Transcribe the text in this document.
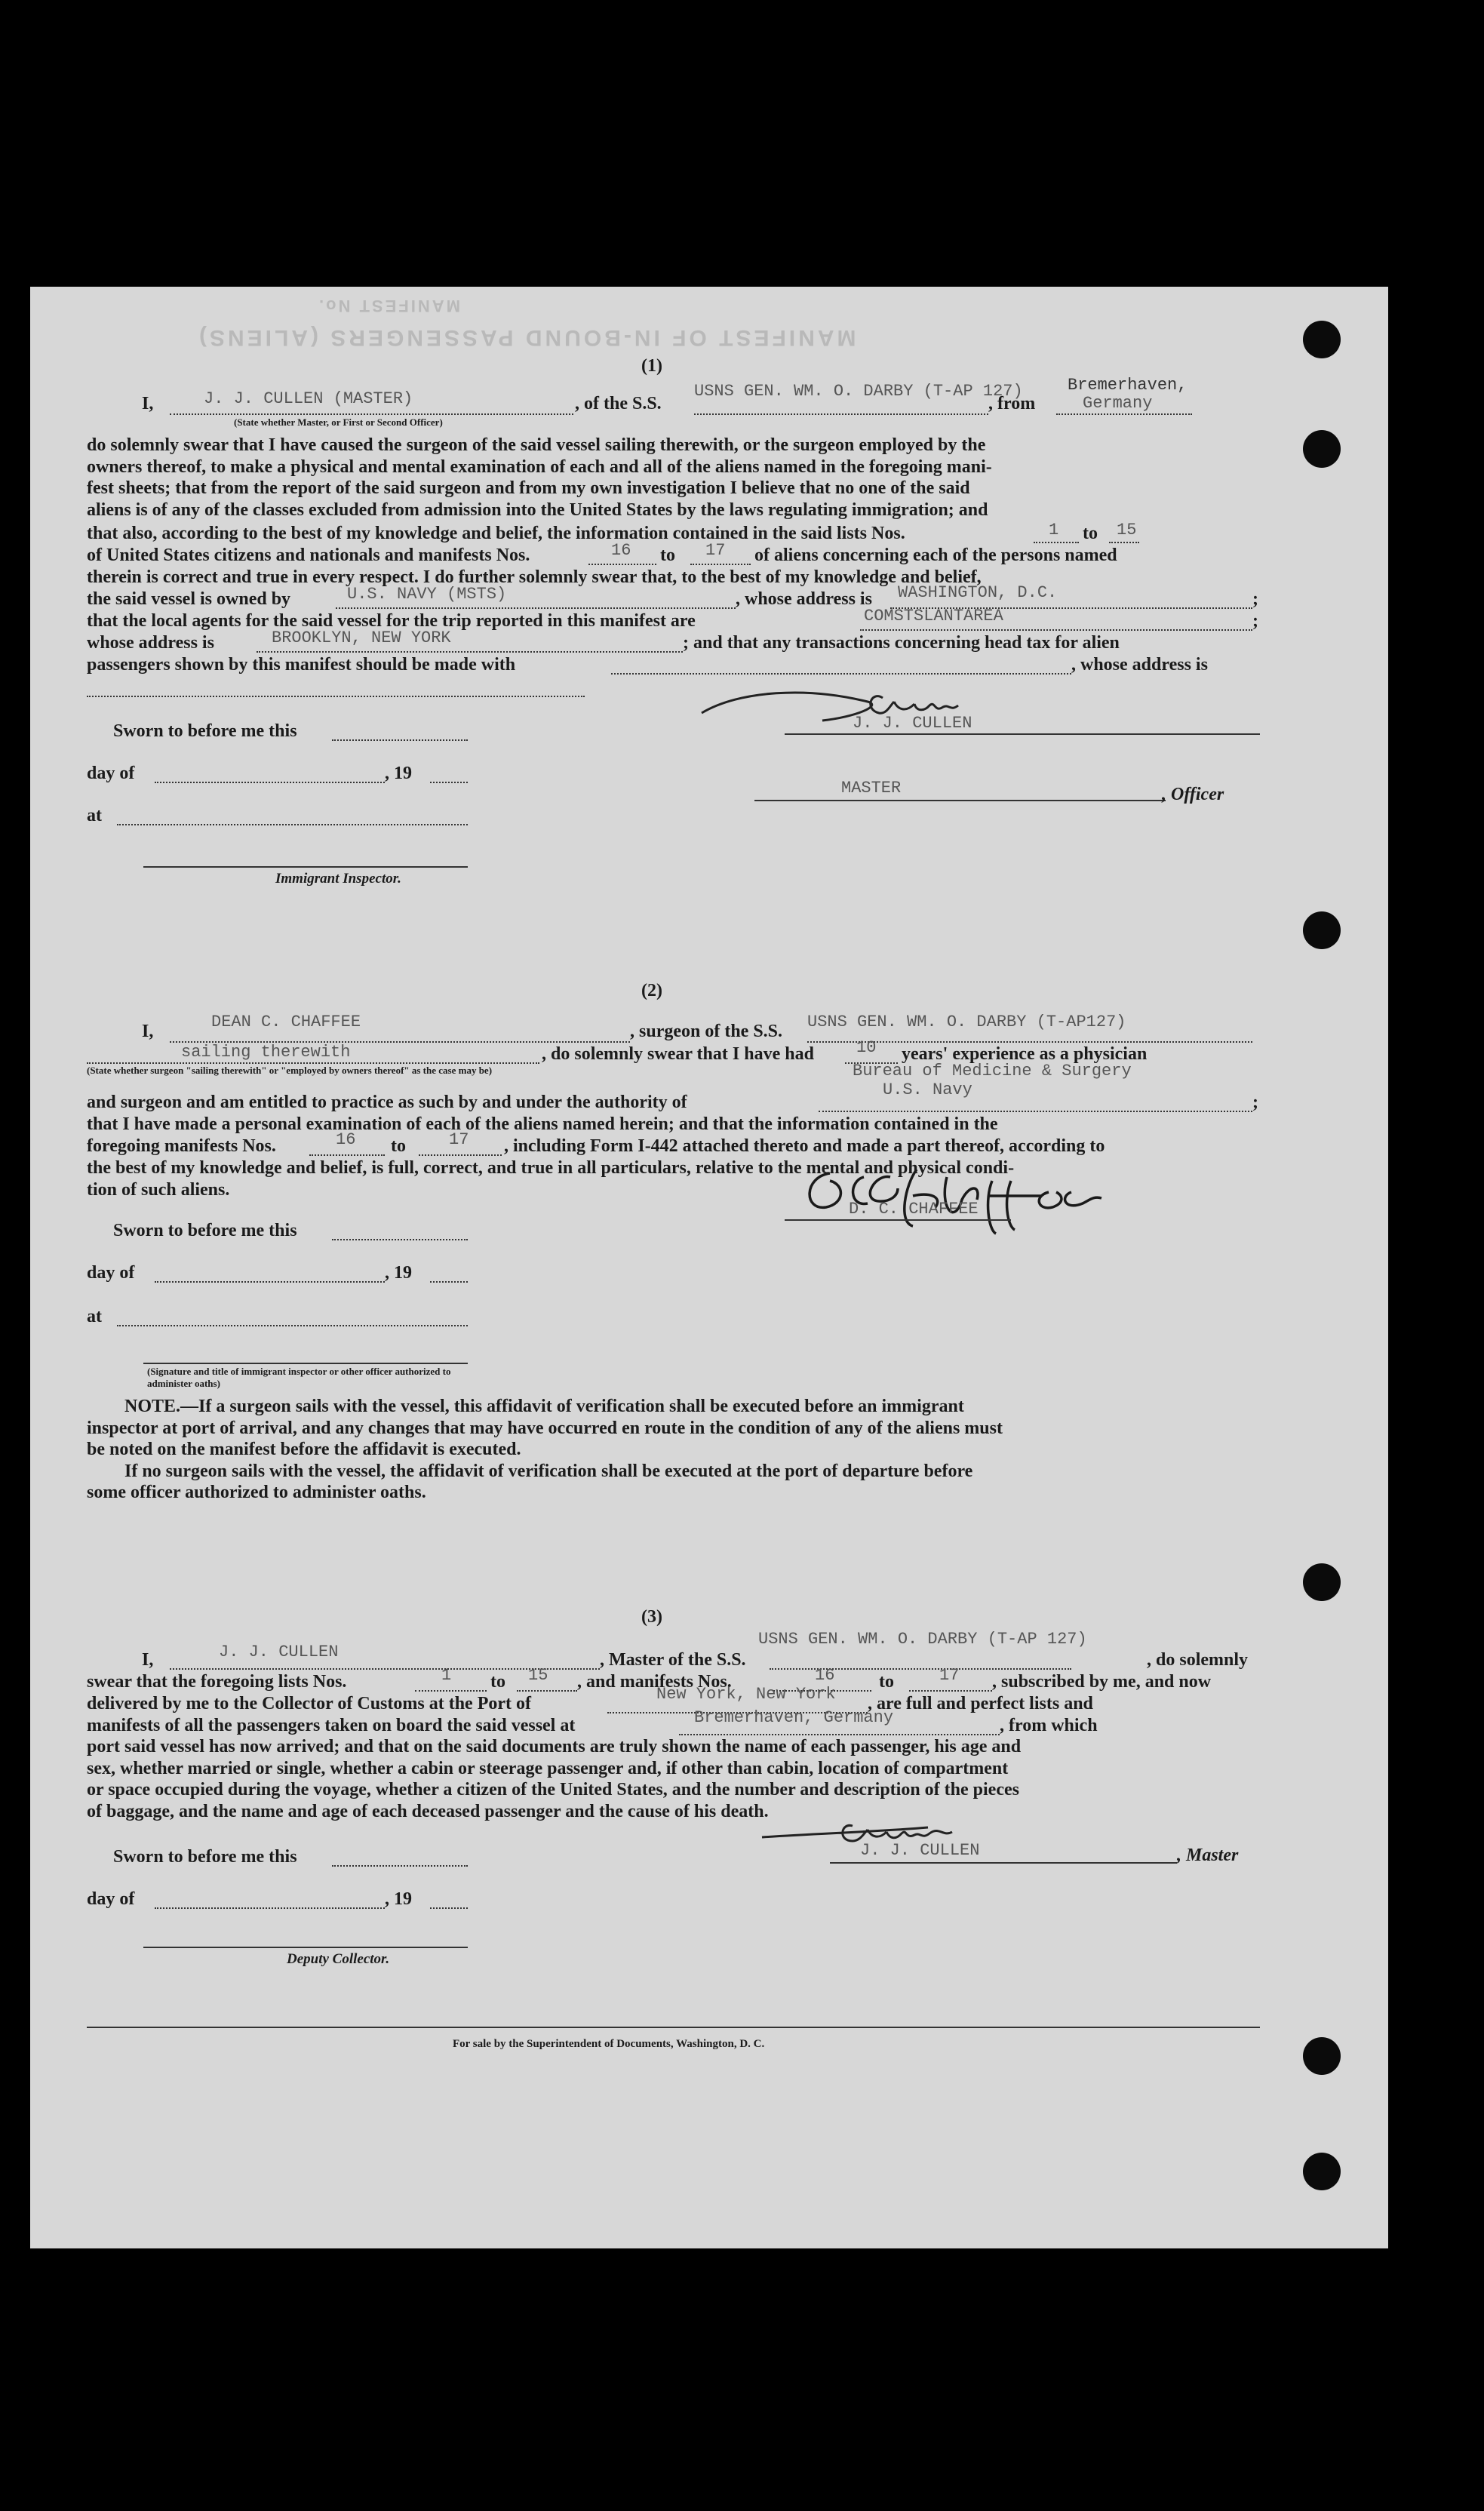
MANIFEST No.
MANIFEST OF IN-BOUND PASSENGERS (ALIENS)
(1)
I,	J. J. CULLEN (MASTER)
(State whether Master, or First or Second Officer)
, of the S.S.
USNS GEN. WM. O. DARBY (T-AP 127)
, from
Bremerhaven,
Germany
do solemnly swear that I have caused the surgeon of the said vessel sailing therewith, or the surgeon employed by the
owners thereof, to make a physical and mental examination of each and all of the aliens named in the foregoing mani-
fest sheets; that from the report of the said surgeon and from my own investigation I believe that no one of the said
aliens is of any of the classes excluded from admission into the United States by the laws regulating immigration; and
that also, according to the best of my knowledge and belief, the information contained in the said lists Nos.	1 to 15
of United States citizens and nationals and manifests Nos.	16 to 17 of aliens concerning each of the persons named
therein is correct and true in every respect. I do further solemnly swear that, to the best of my knowledge and belief,
the said vessel is owned by	U.S. NAVY (MSTS)	, whose address is WASHINGTON, D.C.	;
that the local agents for the said vessel for the trip reported in this manifest are	COMSTSLANTAREA	;
whose address is	BROOKLYN, NEW YORK	; and that any transactions concerning head tax for alien
passengers shown by this manifest should be made with	, whose address is
J. J. CULLEN
Sworn to before me this
day of	, 19
at
MASTER	, Officer
Immigrant Inspector.
(2)
I,	DEAN C. CHAFFEE	, surgeon of the S.S. USNS GEN. WM. O. DARBY (T-AP127)
sailing therewith	, do solemnly swear that I have had	10 years' experience as a physician
(State whether surgeon "sailing therewith" or "employed by owners thereof" as the case may be)	Bureau of Medicine & Surgery
U.S. Navy
and surgeon and am entitled to practice as such by and under the authority of	;
that I have made a personal examination of each of the aliens named herein; and that the information contained in the
foregoing manifests Nos.	16 to	17 , including Form I-442 attached thereto and made a part thereof, according to
the best of my knowledge and belief, is full, correct, and true in all particulars, relative to the mental and physical condi-
tion of such aliens.
D. C. CHAFFEE
Sworn to before me this
day of	, 19
at
(Signature and title of immigrant inspector or other officer authorized to administer oaths)
NOTE.—If a surgeon sails with the vessel, this affidavit of verification shall be executed before an immigrant
inspector at port of arrival, and any changes that may have occurred en route in the condition of any of the aliens must
be noted on the manifest before the affidavit is executed.
If no surgeon sails with the vessel, the affidavit of verification shall be executed at the port of departure before
some officer authorized to administer oaths.
(3)
USNS GEN. WM. O. DARBY (T-AP 127)
I,	J. J. CULLEN	, Master of the S.S.	, do solemnly
swear that the foregoing lists Nos.	1 to 15 , and manifests Nos.	16 to	17 , subscribed by me, and now
delivered by me to the Collector of Customs at the Port of	New York, New York , are full and perfect lists and
manifests of all the passengers taken on board the said vessel at	Bremerhaven, Germany	, from which
port said vessel has now arrived; and that on the said documents are truly shown the name of each passenger, his age and
sex, whether married or single, whether a cabin or steerage passenger and, if other than cabin, location of compartment
or space occupied during the voyage, whether a citizen of the United States, and the number and description of the pieces
of baggage, and the name and age of each deceased passenger and the cause of his death.
J. J. CULLEN	, Master
Sworn to before me this
day of	, 19
Deputy Collector.
For sale by the Superintendent of Documents, Washington, D. C.
